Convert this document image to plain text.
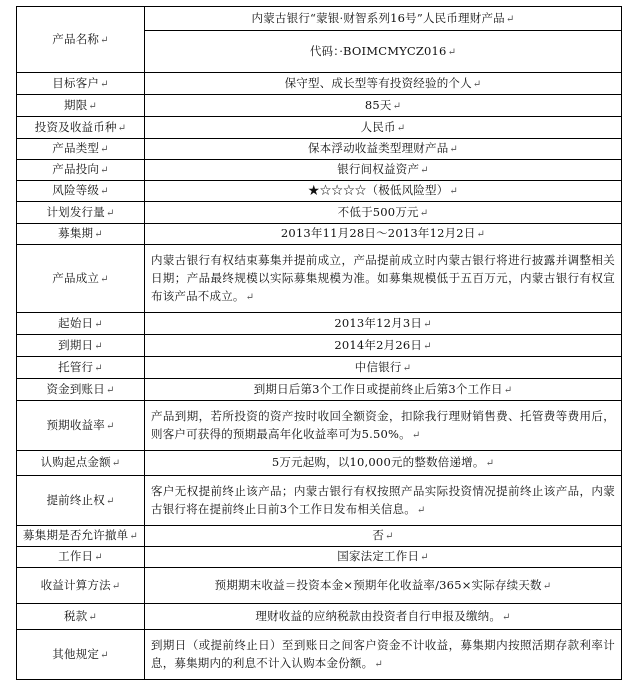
产品名称↵	内蒙古银行“蒙银·财智系列16号”人民币理财产品↵
	代码：·BOIMCMYCZ016↵
目标客户↵	保守型、成长型等有投资经验的个人↵
期限↵	85天↵
投资及收益币种↵	人民币↵
产品类型↵	保本浮动收益类型理财产品↵
产品投向↵	银行间权益资产↵
风险等级↵	★☆☆☆☆（极低风险型）↵
计划发行量↵	不低于500万元↵
募集期↵	2013年11月28日～2013年12月2日↵
产品成立↵	内蒙古银行有权结束募集并提前成立，产品提前成立时内蒙古银行将进行披露并调整相关日期；产品最终规模以实际募集规模为准。如募集规模低于五百万元，内蒙古银行有权宣布该产品不成立。↵
起始日↵	2013年12月3日↵
到期日↵	2014年2月26日↵
托管行↵	中信银行↵
资金到账日↵	到期日后第3个工作日或提前终止后第3个工作日↵
预期收益率↵	产品到期，若所投资的资产按时收回全额资金，扣除我行理财销售费、托管费等费用后，则客户可获得的预期最高年化收益率可为5.50%。↵
认购起点金额↵	5万元起购，以10,000元的整数倍递增。↵
提前终止权↵	客户无权提前终止该产品；内蒙古银行有权按照产品实际投资情况提前终止该产品，内蒙古银行将在提前终止日前3个工作日发布相关信息。↵
募集期是否允许撤单↵	否↵
工作日↵	国家法定工作日↵
收益计算方法↵	预期期末收益＝投资本金×预期年化收益率/365×实际存续天数↵
税款↵	理财收益的应纳税款由投资者自行申报及缴纳。↵
其他规定↵	到期日（或提前终止日）至到账日之间客户资金不计收益，募集期内按照活期存款利率计息，募集期内的利息不计入认购本金份额。↵
